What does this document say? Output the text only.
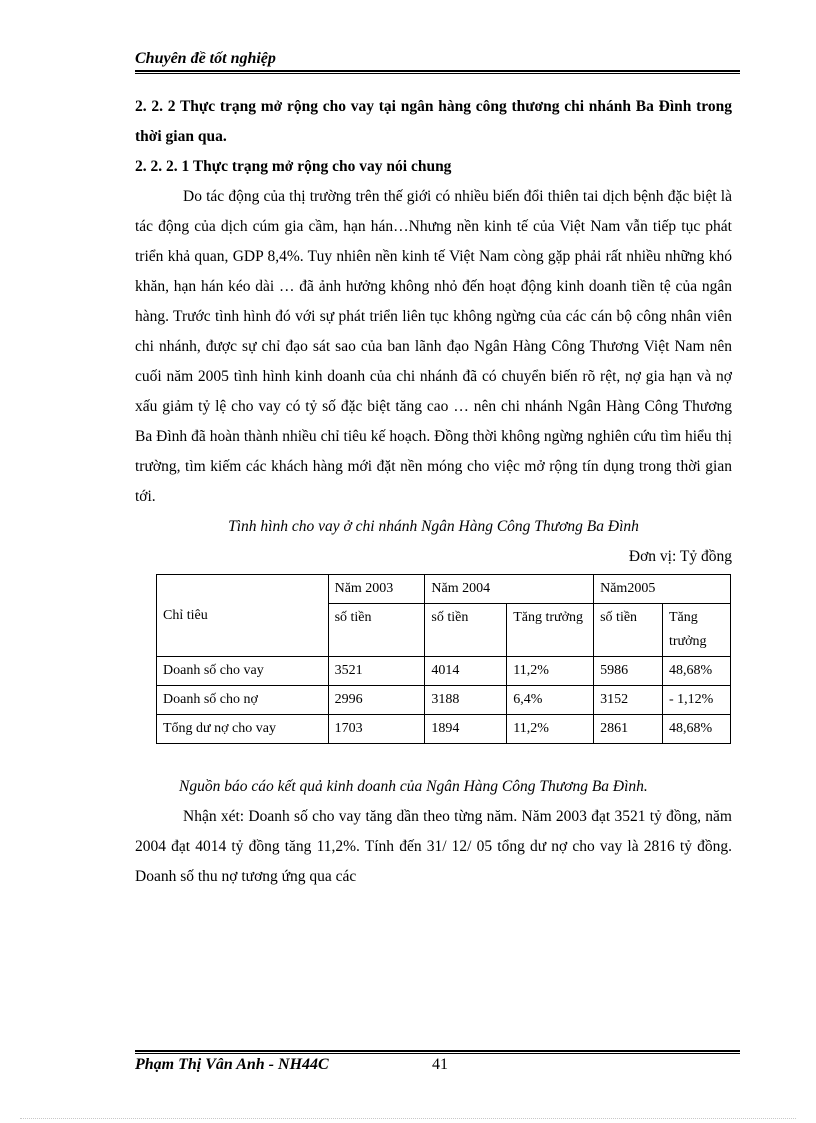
Chuyên đề tốt nghiệp

2. 2. 2 Thực trạng mở rộng cho vay tại ngân hàng công thương chi nhánh Ba Đình trong thời gian qua.

2. 2. 2. 1 Thực trạng mở rộng cho vay nói chung

Do tác động của thị trường trên thế giới có nhiều biến đổi thiên tai dịch bệnh đặc biệt là tác động của dịch cúm gia cầm, hạn hán…Nhưng nền kinh tế của Việt Nam vẫn tiếp tục phát triển khả quan, GDP 8,4%. Tuy nhiên nền kinh tế Việt Nam còng gặp phải rất nhiều những khó khăn, hạn hán kéo dài … đã ảnh hưởng không nhỏ đến hoạt động kinh doanh tiền tệ của ngân hàng. Trước tình hình đó với sự phát triển liên tục không ngừng của các cán bộ công nhân viên chi nhánh, được sự chỉ đạo sát sao của ban lãnh đạo Ngân Hàng Công Thương Việt Nam nên cuối năm 2005 tình hình kinh doanh của chi nhánh đã có chuyển biến rõ rệt, nợ gia hạn và nợ xấu giảm tỷ lệ cho vay có tỷ số đặc biệt tăng cao … nên chi nhánh Ngân Hàng Công Thương Ba Đình đã hoàn thành nhiều chỉ tiêu kế hoạch. Đồng thời không ngừng nghiên cứu tìm hiểu thị trường, tìm kiếm các khách hàng mới đặt nền móng cho việc mở rộng tín dụng trong thời gian tới.

Tình hình cho vay ở chi nhánh Ngân Hàng Công Thương Ba Đình

Đơn vị: Tỷ đồng

Chỉ tiêu	Năm 2003	Năm 2004		Năm2005	
	số tiền	số tiền	Tăng trưởng	số tiền	Tăng trưởng
Doanh số cho vay	3521	4014	11,2%	5986	48,68%
Doanh số cho nợ	2996	3188	6,4%	3152	- 1,12%
Tổng dư nợ cho vay	1703	1894	11,2%	2861	48,68%

Nguồn báo cáo kết quả kinh doanh của Ngân Hàng Công Thương Ba Đình.

Nhận xét: Doanh số cho vay tăng dần theo từng năm. Năm 2003 đạt 3521 tỷ đồng, năm 2004 đạt 4014 tỷ đồng tăng 11,2%. Tính đến 31/ 12/ 05 tổng dư nợ cho vay là 2816 tỷ đồng. Doanh số thu nợ tương ứng qua các

Phạm Thị Vân Anh - NH44C	41
